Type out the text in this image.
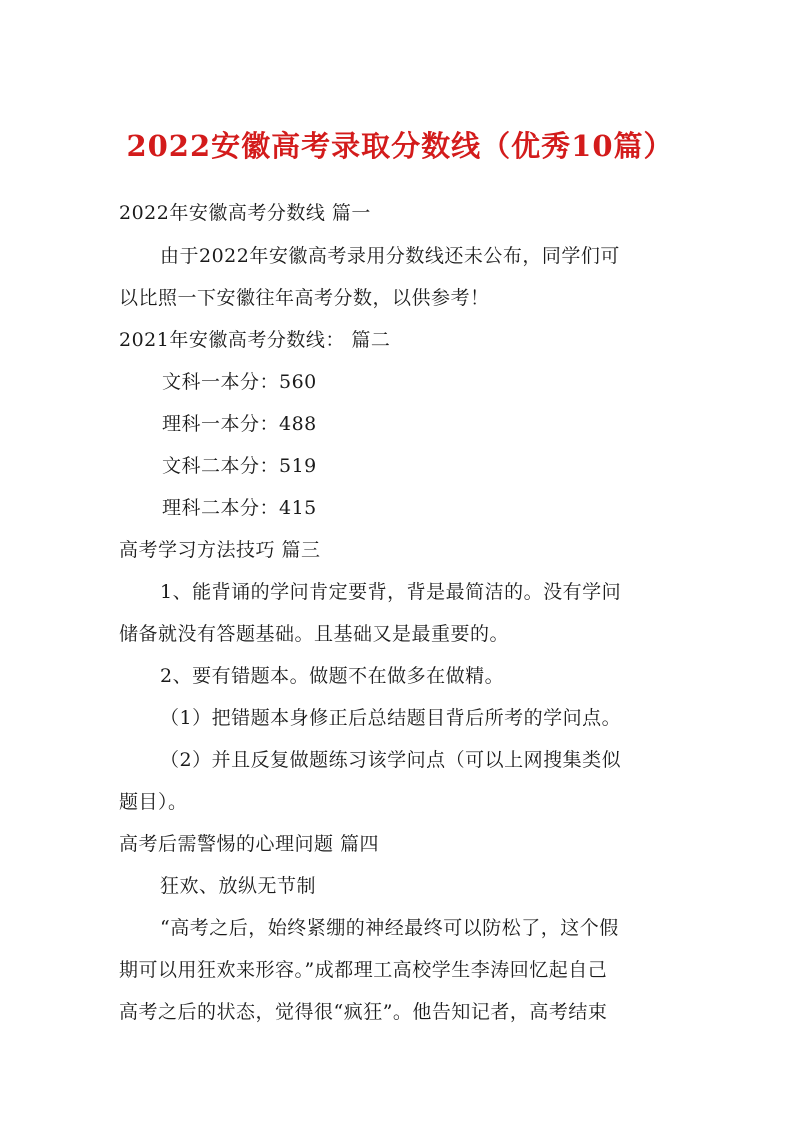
2022安徽高考录取分数线（优秀10篇）
2022年安徽高考分数线 篇一
由于2022年安徽高考录用分数线还未公布，同学们可
以比照一下安徽往年高考分数，以供参考！
2021年安徽高考分数线： 篇二
文科一本分：560
理科一本分：488
文科二本分：519
理科二本分：415
高考学习方法技巧 篇三
1、能背诵的学问肯定要背，背是最简洁的。没有学问
储备就没有答题基础。且基础又是最重要的。
2、要有错题本。做题不在做多在做精。
（1）把错题本身修正后总结题目背后所考的学问点。
（2）并且反复做题练习该学问点（可以上网搜集类似
题目）。
高考后需警惕的心理问题 篇四
狂欢、放纵无节制
“高考之后，始终紧绷的神经最终可以防松了，这个假
期可以用狂欢来形容。”成都理工高校学生李涛回忆起自己
高考之后的状态，觉得很“疯狂”。他告知记者，高考结束
